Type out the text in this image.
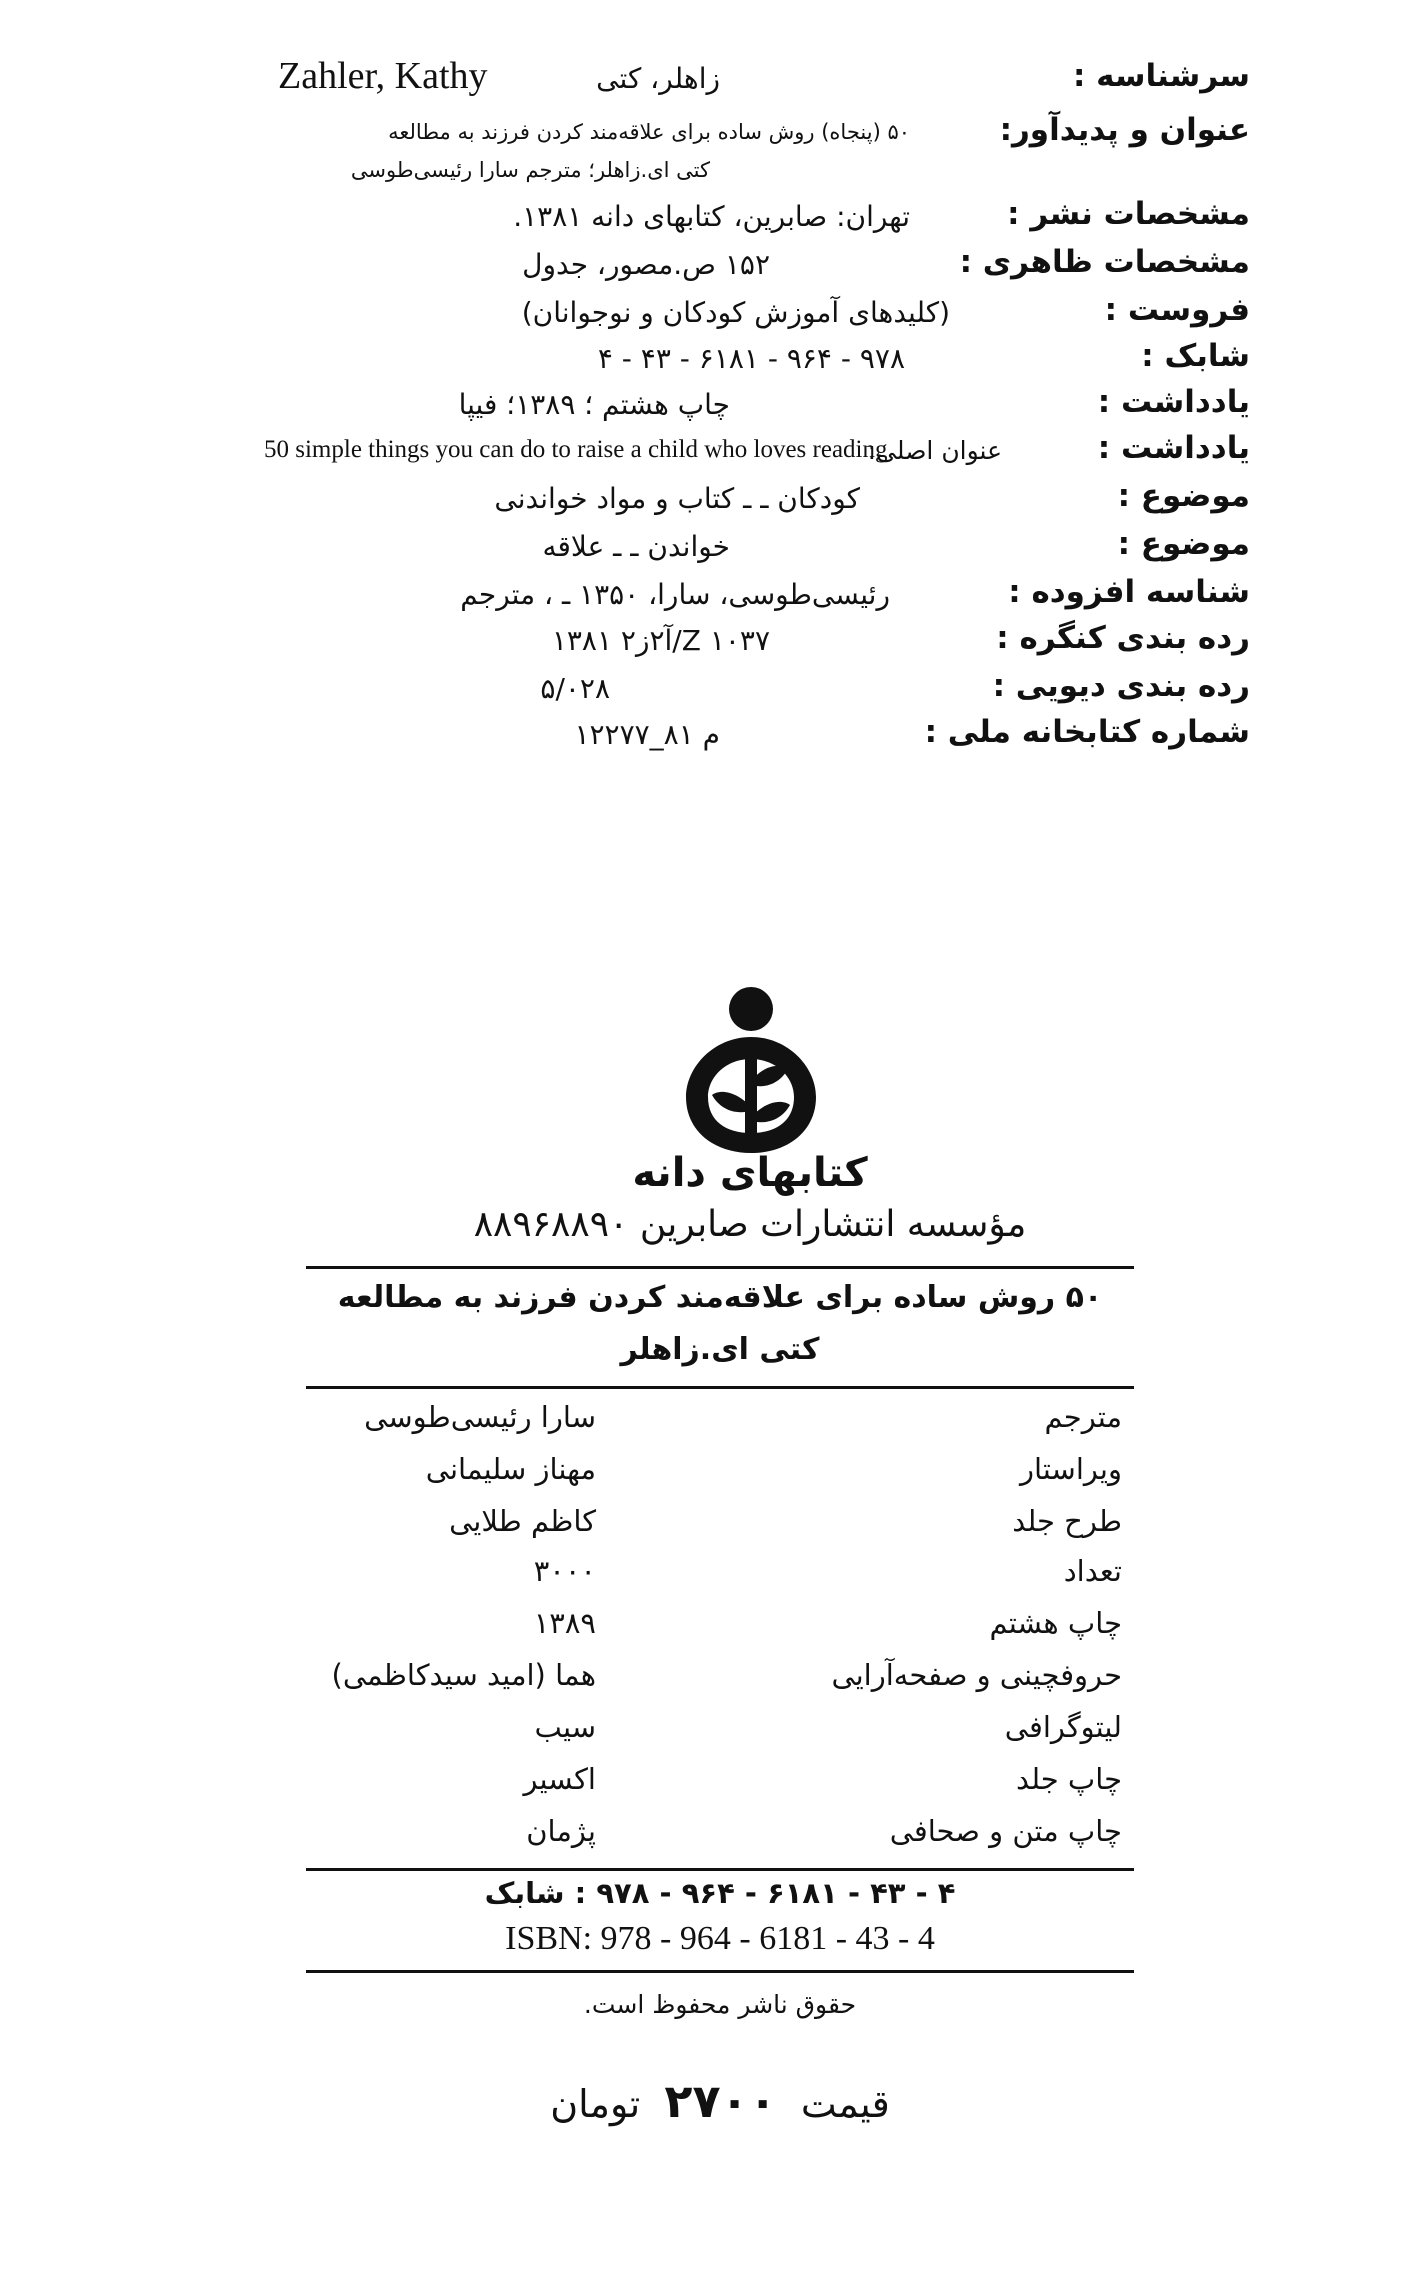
سرشناسه :
زاهلر، کتی
Zahler, Kathy
عنوان و پدیدآور:
۵۰ (پنجاه) روش ساده برای علاقه‌مند کردن فرزند به مطالعه
کتی ای.زاهلر؛ مترجم سارا رئیسی‌طوسی
مشخصات نشر :
تهران: صابرین، کتابهای دانه ۱۳۸۱.
مشخصات ظاهری :
۱۵۲ ص.مصور، جدول
فروست :
(کلیدهای آموزش کودکان و نوجوانان)
شابک :
۹۷۸ - ۹۶۴ - ۶۱۸۱ - ۴۳ - ۴
یادداشت :
چاپ هشتم ؛ ۱۳۸۹؛ فیپا
یادداشت :
عنوان اصلی:
50 simple things you can do to raise a child who loves reading
موضوع :
کودکان ـ ـ کتاب و مواد خواندنی
موضوع :
خواندن ـ ـ علاقه
شناسه افزوده :
رئیسی‌طوسی، سارا، ۱۳۵۰ ـ ، مترجم
رده بندی کنگره :
Z ۱۰۳۷/آ۲ز۲ ۱۳۸۱
رده بندی دیویی :
۵/۰۲۸
شماره کتابخانه ملی :
م ۸۱_۱۲۲۷۷
کتابهای دانه
مؤسسه انتشارات صابرین ۸۸۹۶۸۸۹۰
۵۰ روش ساده برای علاقه‌مند کردن فرزند به مطالعه
کتی ای.زاهلر
مترجم
سارا رئیسی‌طوسی
ویراستار
مهناز سلیمانی
طرح جلد
کاظم طلایی
تعداد
۳۰۰۰
چاپ هشتم
۱۳۸۹
حروفچینی و صفحه‌آرایی
هما (امید سیدکاظمی)
لیتوگرافی
سیب
چاپ جلد
اکسیر
چاپ متن و صحافی
پژمان
۴ - ۴۳ - ۶۱۸۱ - ۹۶۴ - ۹۷۸ : شابک
ISBN: 978 - 964 - 6181 - 43 - 4
حقوق ناشر محفوظ است.
قیمت  ۲۷۰۰  تومان
